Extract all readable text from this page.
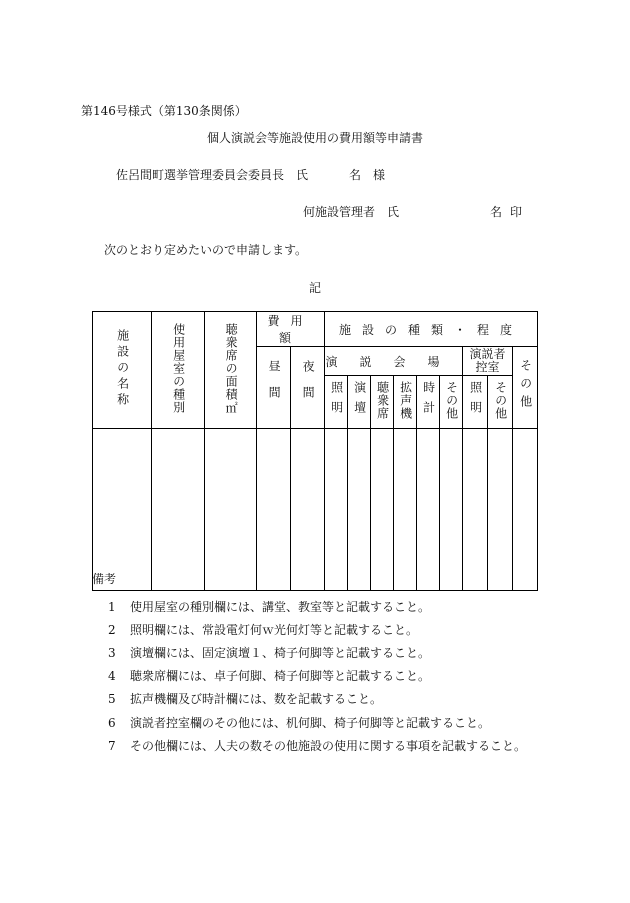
第146号様式（第130条関係）
個人演説会等施設使用の費用額等申請書
佐呂間町選挙管理委員会委員長　氏	名 様
何施設管理者　氏	名 印
次のとおり定めたいので申請します。
記
施設の名称	使用屋室の種別	聴衆席の面積㎡	費用額		施設の種類・程度								
			昼間	夜間	演説会場						演説者控室		その他
					照明	演壇	聴衆席	拡声機	時計	その他	照明	その他	

備考
1 使用屋室の種別欄には、講堂、教室等と記載すること。
2 照明欄には、常設電灯何ｗ光何灯等と記載すること。
3 演壇欄には、固定演壇１、椅子何脚等と記載すること。
4 聴衆席欄には、卓子何脚、椅子何脚等と記載すること。
5 拡声機欄及び時計欄には、数を記載すること。
6 演説者控室欄のその他には、机何脚、椅子何脚等と記載すること。
7 その他欄には、人夫の数その他施設の使用に関する事項を記載すること。
